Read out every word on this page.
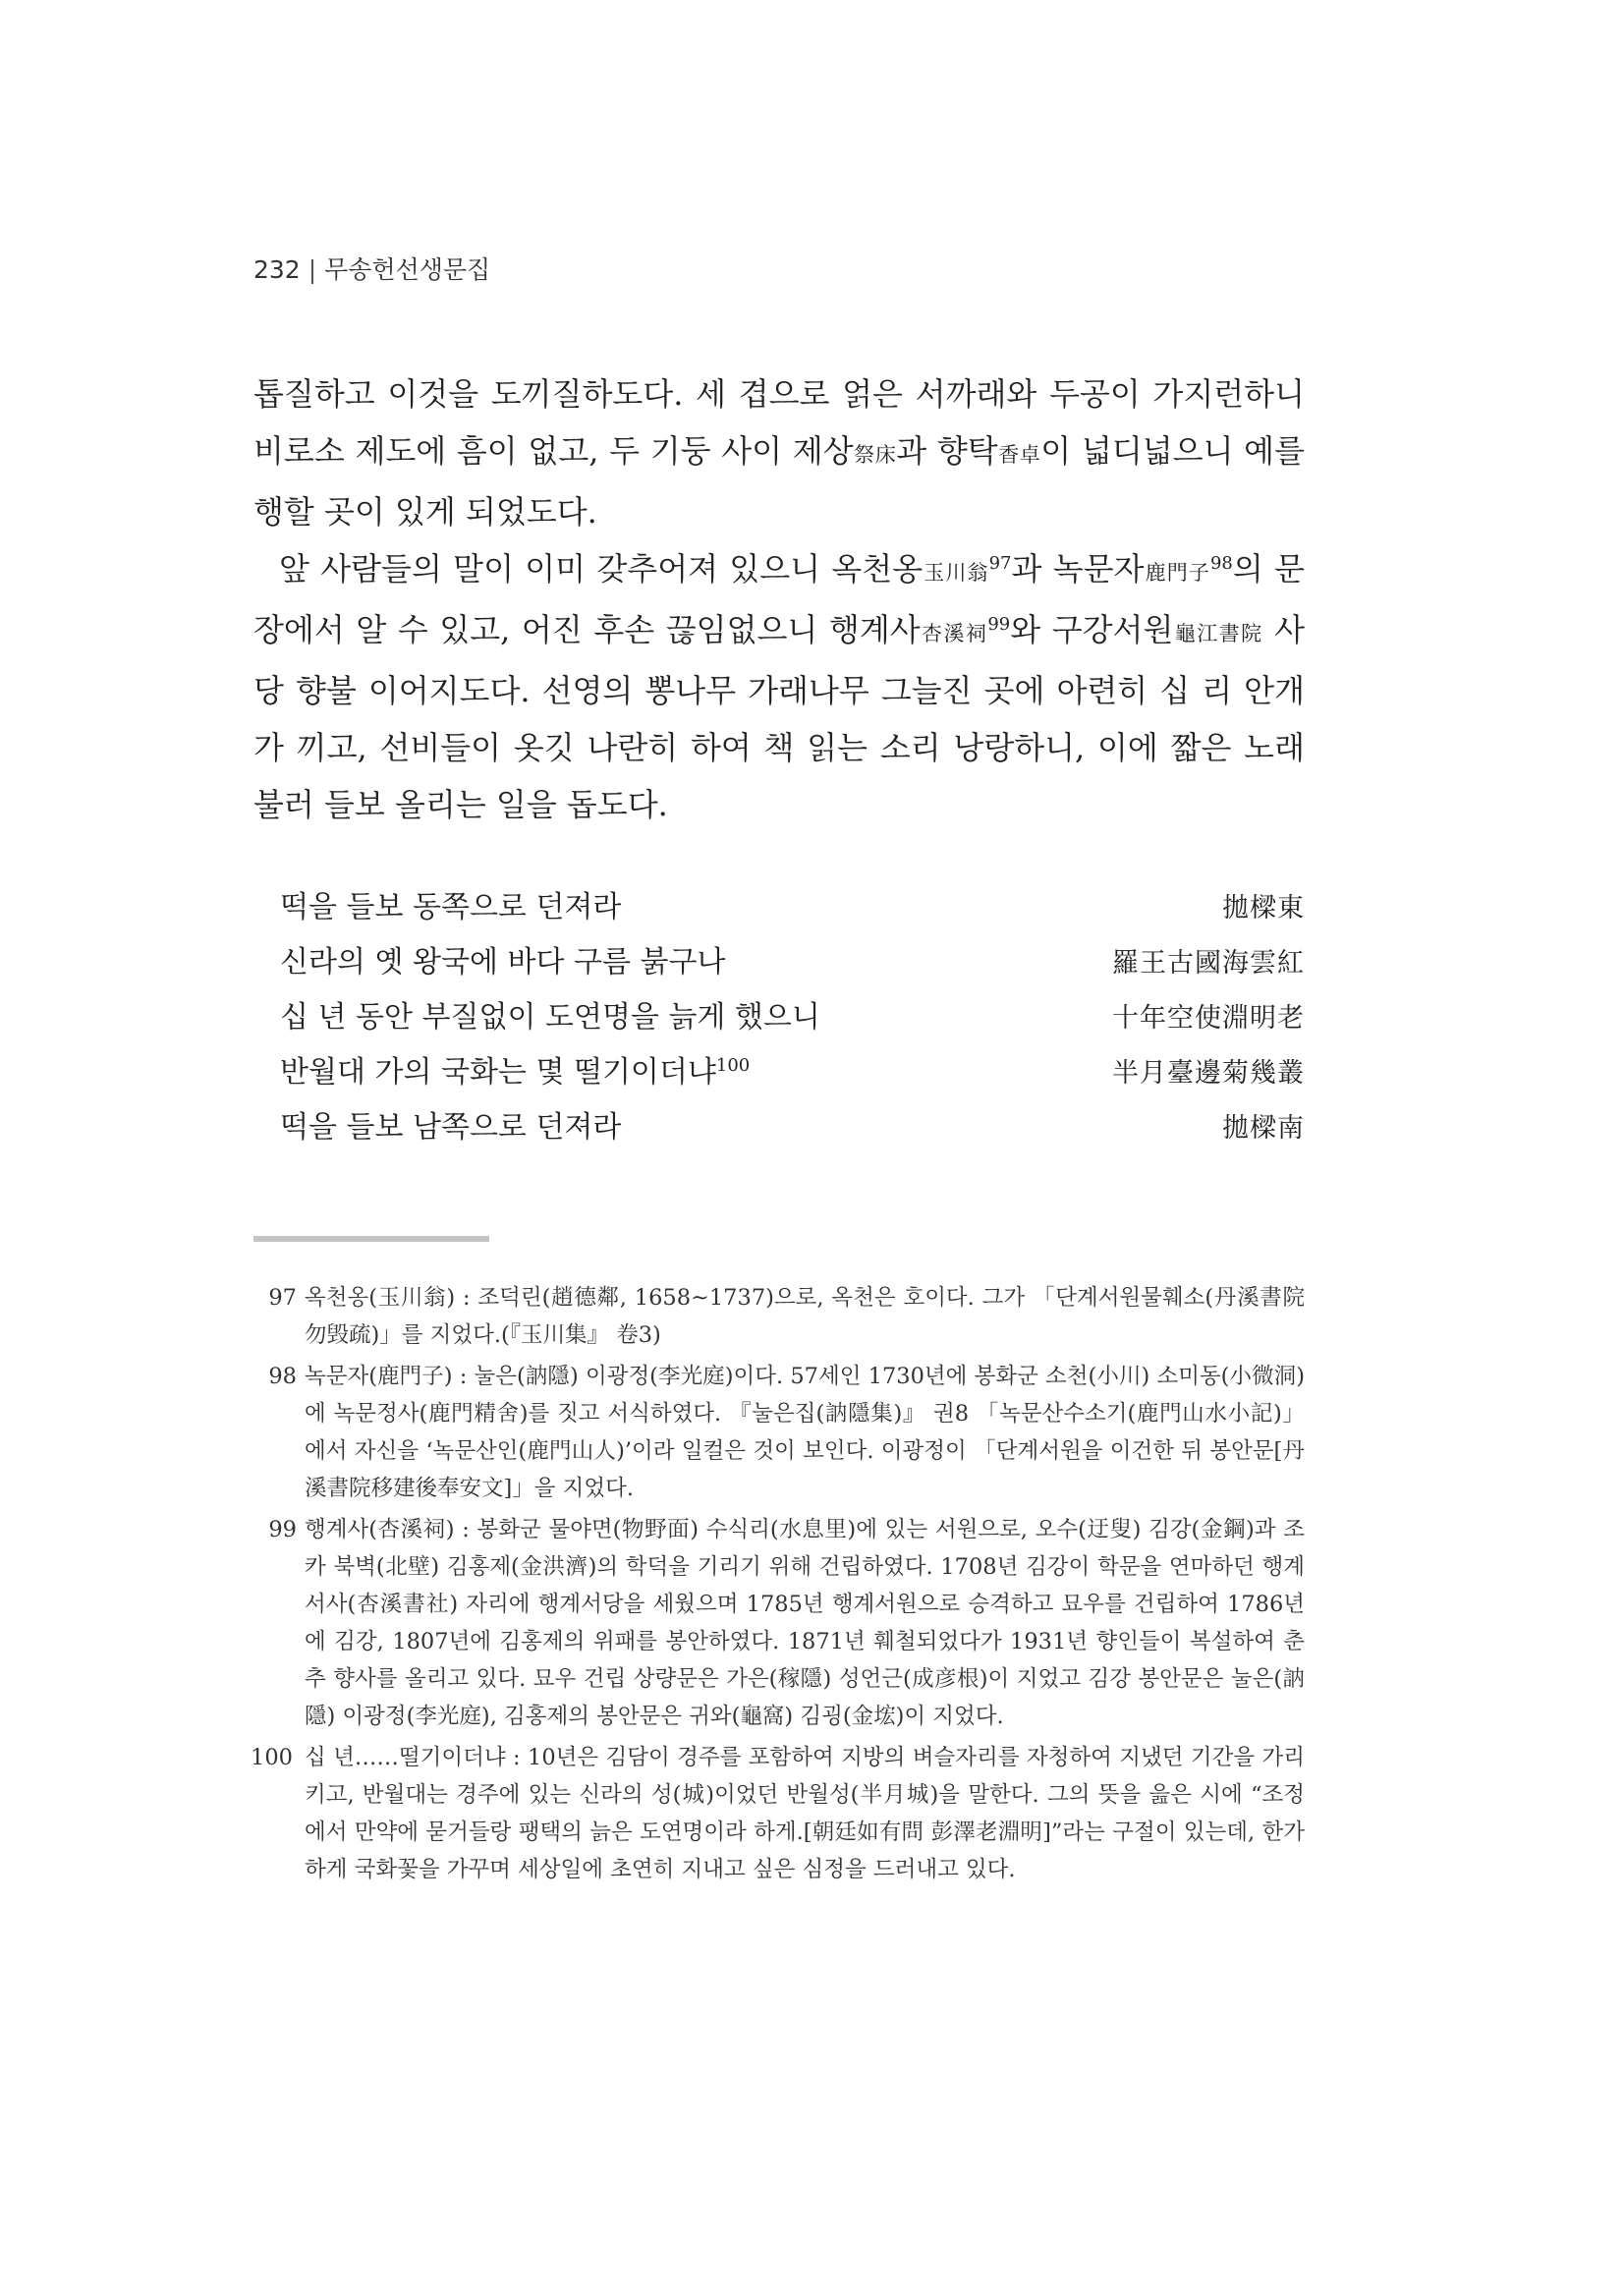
232 | 무송헌선생문집

톱질하고 이것을 도끼질하도다. 세 겹으로 얽은 서까래와 두공이 가지런하니 비로소 제도에 흠이 없고, 두 기둥 사이 제상祭床과 향탁香卓이 넓디넓으니 예를 행할 곳이 있게 되었도다.

앞 사람들의 말이 이미 갖추어져 있으니 옥천옹玉川翁$^{97}$과 녹문자鹿門子$^{98}$의 문장에서 알 수 있고, 어진 후손 끊임없으니 행계사杏溪祠$^{99}$와 구강서원龜江書院 사당 향불 이어지도다. 선영의 뽕나무 가래나무 그늘진 곳에 아련히 십 리 안개가 끼고, 선비들이 옷깃 나란히 하여 책 읽는 소리 낭랑하니, 이에 짧은 노래 불러 들보 올리는 일을 돕도다.

떡을 들보 동쪽으로 던져라	拋樑東
신라의 옛 왕국에 바다 구름 붉구나	羅王古國海雲紅
십 년 동안 부질없이 도연명을 늙게 했으니	十年空使淵明老
반월대 가의 국화는 몇 떨기이더냐$^{100}$	半月臺邊菊幾叢
떡을 들보 남쪽으로 던져라	拋樑南
97 옥천옹(玉川翁) : 조덕린(趙德鄰, 1658~1737)으로, 옥천은 호이다. 그가 「단계서원물훼소(丹溪書院勿毁疏)」를 지었다.(『玉川集』 卷3)
98 녹문자(鹿門子) : 눌은(訥隱) 이광정(李光庭)이다. 57세인 1730년에 봉화군 소천(小川) 소미동(小微洞)에 녹문정사(鹿門精舍)를 짓고 서식하였다. 『눌은집(訥隱集)』 권8 「녹문산수소기(鹿門山水小記)」에서 자신을 ‘녹문산인(鹿門山人)’이라 일컬은 것이 보인다. 이광정이 「단계서원을 이건한 뒤 봉안문[丹溪書院移建後奉安文]」을 지었다.
99 행계사(杏溪祠) : 봉화군 물야면(物野面) 수식리(水息里)에 있는 서원으로, 오수(迂叟) 김강(金鋼)과 조카 북벽(北壁) 김홍제(金洪濟)의 학덕을 기리기 위해 건립하였다. 1708년 김강이 학문을 연마하던 행계서사(杏溪書社) 자리에 행계서당을 세웠으며 1785년 행계서원으로 승격하고 묘우를 건립하여 1786년에 김강, 1807년에 김홍제의 위패를 봉안하였다. 1871년 훼철되었다가 1931년 향인들이 복설하여 춘추 향사를 올리고 있다. 묘우 건립 상량문은 가은(稼隱) 성언근(成彦根)이 지었고 김강 봉안문은 눌은(訥隱) 이광정(李光庭), 김홍제의 봉안문은 귀와(龜窩) 김굉(金㙆)이 지었다.
100 십 년……떨기이더냐 : 10년은 김담이 경주를 포함하여 지방의 벼슬자리를 자청하여 지냈던 기간을 가리키고, 반월대는 경주에 있는 신라의 성(城)이었던 반월성(半月城)을 말한다. 그의 뜻을 읊은 시에 “조정에서 만약에 묻거들랑 팽택의 늙은 도연명이라 하게.[朝廷如有問 彭澤老淵明]”라는 구절이 있는데, 한가하게 국화꽃을 가꾸며 세상일에 초연히 지내고 싶은 심정을 드러내고 있다.
